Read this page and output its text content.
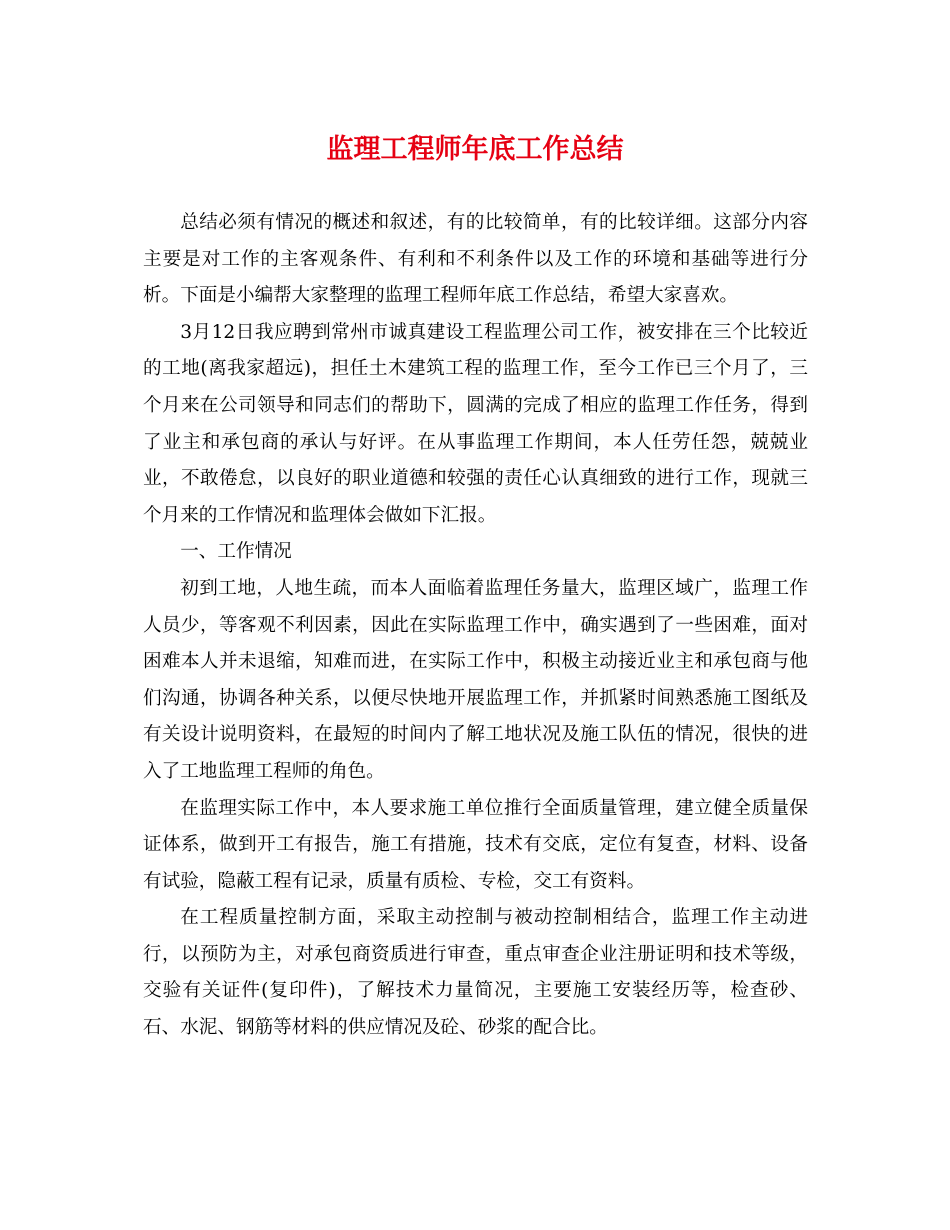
监理工程师年底工作总结

总结必须有情况的概述和叙述，有的比较简单，有的比较详细。这部分内容主要是对工作的主客观条件、有利和不利条件以及工作的环境和基础等进行分析。下面是小编帮大家整理的监理工程师年底工作总结，希望大家喜欢。

3月12日我应聘到常州市诚真建设工程监理公司工作，被安排在三个比较近的工地(离我家超远)，担任土木建筑工程的监理工作，至今工作已三个月了，三个月来在公司领导和同志们的帮助下，圆满的完成了相应的监理工作任务，得到了业主和承包商的承认与好评。在从事监理工作期间，本人任劳任怨，兢兢业业，不敢倦怠，以良好的职业道德和较强的责任心认真细致的进行工作，现就三个月来的工作情况和监理体会做如下汇报。

一、工作情况

初到工地，人地生疏，而本人面临着监理任务量大，监理区域广，监理工作人员少，等客观不利因素，因此在实际监理工作中，确实遇到了一些困难，面对困难本人并未退缩，知难而进，在实际工作中，积极主动接近业主和承包商与他们沟通，协调各种关系，以便尽快地开展监理工作，并抓紧时间熟悉施工图纸及有关设计说明资料，在最短的时间内了解工地状况及施工队伍的情况，很快的进入了工地监理工程师的角色。

在监理实际工作中，本人要求施工单位推行全面质量管理，建立健全质量保证体系，做到开工有报告，施工有措施，技术有交底，定位有复查，材料、设备有试验，隐蔽工程有记录，质量有质检、专检，交工有资料。

在工程质量控制方面，采取主动控制与被动控制相结合，监理工作主动进行，以预防为主，对承包商资质进行审查，重点审查企业注册证明和技术等级，交验有关证件(复印件)，了解技术力量简况，主要施工安装经历等，检查砂、石、水泥、钢筋等材料的供应情况及砼、砂浆的配合比。
